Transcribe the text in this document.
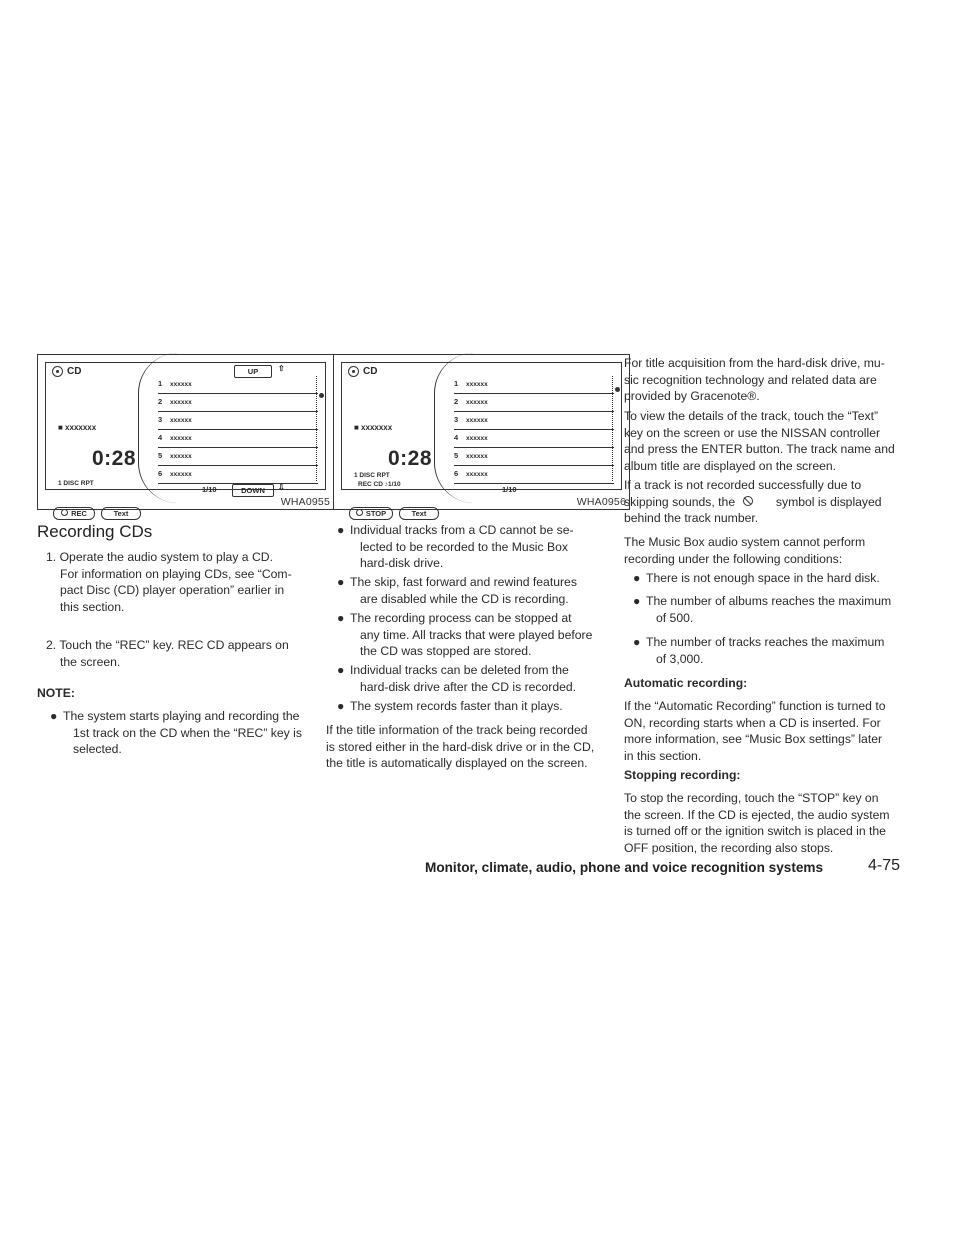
CD
■ xxxxxxx
0:28
1 DISC RPT
REC	Text
UP	⇧
1 xxxxxx
2 xxxxxx
3 xxxxxx
4 xxxxxx
5 xxxxxx
6 xxxxxx
1/10	DOWN	⇩
WHA0955
CD
■ xxxxxxx
0:28
1 DISC RPT
REC CD ♪1/10
STOP	Text
1 xxxxxx
2 xxxxxx
3 xxxxxx
4 xxxxxx
5 xxxxxx
6 xxxxxx
1/10
WHA0956
Recording CDs
1. Operate the audio system to play a CD.
For information on playing CDs, see “Com-
pact Disc (CD) player operation” earlier in
this section.
2. Touch the “REC” key. REC CD appears on
the screen.
NOTE:
● The system starts playing and recording the
1st track on the CD when the “REC” key is
selected.
● Individual tracks from a CD cannot be se-
lected to be recorded to the Music Box
hard-disk drive.
● The skip, fast forward and rewind features
are disabled while the CD is recording.
● The recording process can be stopped at
any time. All tracks that were played before
the CD was stopped are stored.
● Individual tracks can be deleted from the
hard-disk drive after the CD is recorded.
● The system records faster than it plays.
If the title information of the track being recorded
is stored either in the hard-disk drive or in the CD,
the title is automatically displayed on the screen.
For title acquisition from the hard-disk drive, mu-
sic recognition technology and related data are
provided by Gracenote®.
To view the details of the track, touch the “Text”
key on the screen or use the NISSAN controller
and press the ENTER button. The track name and
album title are displayed on the screen.
If a track is not recorded successfully due to
skipping sounds, the	symbol is displayed
behind the track number.
The Music Box audio system cannot perform
recording under the following conditions:
● There is not enough space in the hard disk.
● The number of albums reaches the maximum
of 500.
● The number of tracks reaches the maximum
of 3,000.
Automatic recording:
If the “Automatic Recording” function is turned to
ON, recording starts when a CD is inserted. For
more information, see “Music Box settings” later
in this section.
Stopping recording:
To stop the recording, touch the “STOP” key on
the screen. If the CD is ejected, the audio system
is turned off or the ignition switch is placed in the
OFF position, the recording also stops.
Monitor, climate, audio, phone and voice recognition systems	4-75
